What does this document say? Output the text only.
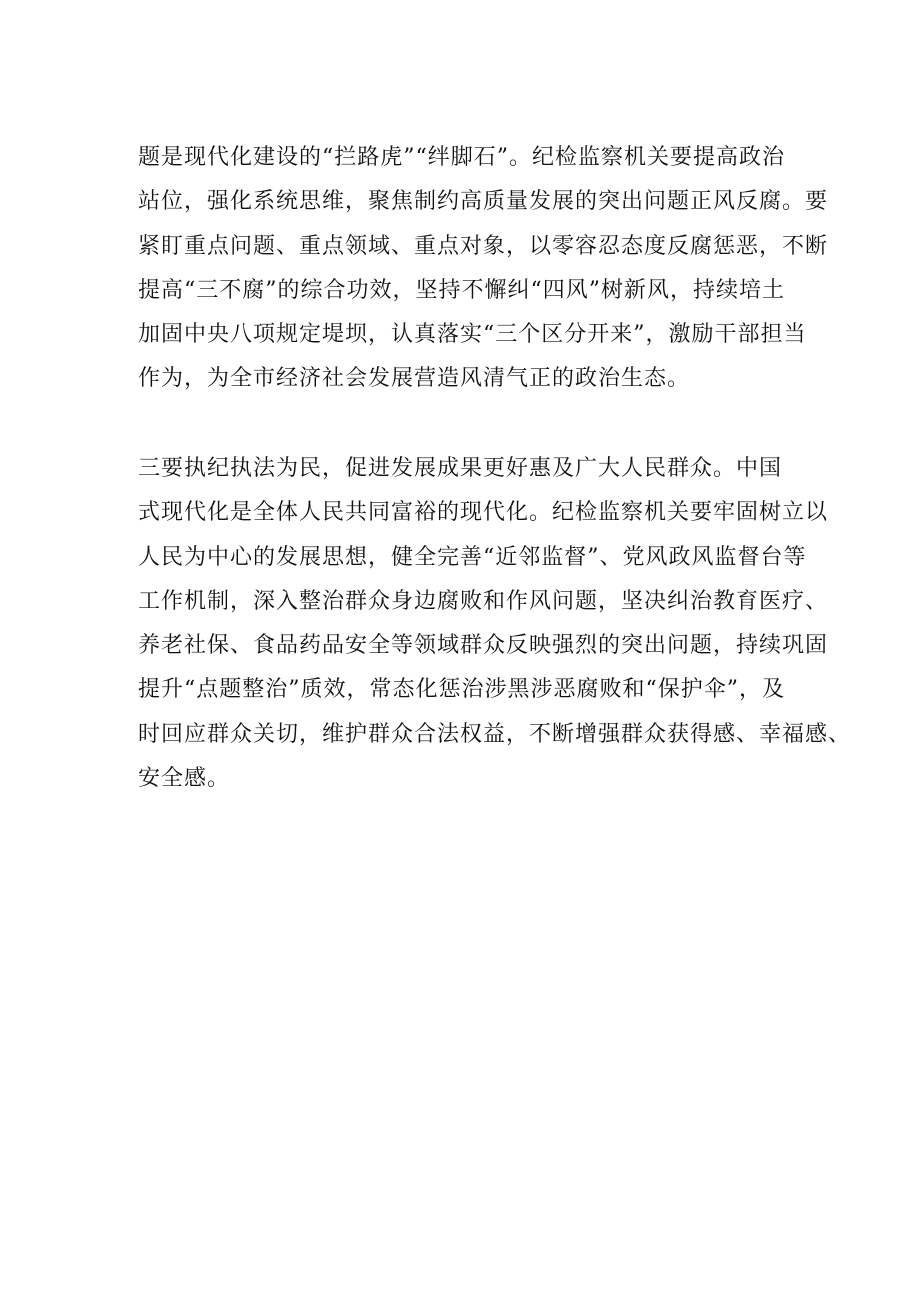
题是现代化建设的“拦路虎”“绊脚石”。纪检监察机关要提高政治
站位，强化系统思维，聚焦制约高质量发展的突出问题正风反腐。要
紧盯重点问题、重点领域、重点对象，以零容忍态度反腐惩恶，不断
提高“三不腐”的综合功效，坚持不懈纠“四风”树新风，持续培土
加固中央八项规定堤坝，认真落实“三个区分开来”，激励干部担当
作为，为全市经济社会发展营造风清气正的政治生态。
三要执纪执法为民，促进发展成果更好惠及广大人民群众。中国
式现代化是全体人民共同富裕的现代化。纪检监察机关要牢固树立以
人民为中心的发展思想，健全完善“近邻监督”、党风政风监督台等
工作机制，深入整治群众身边腐败和作风问题，坚决纠治教育医疗、
养老社保、食品药品安全等领域群众反映强烈的突出问题，持续巩固
提升“点题整治”质效，常态化惩治涉黑涉恶腐败和“保护伞”，及
时回应群众关切，维护群众合法权益，不断增强群众获得感、幸福感、
安全感。
